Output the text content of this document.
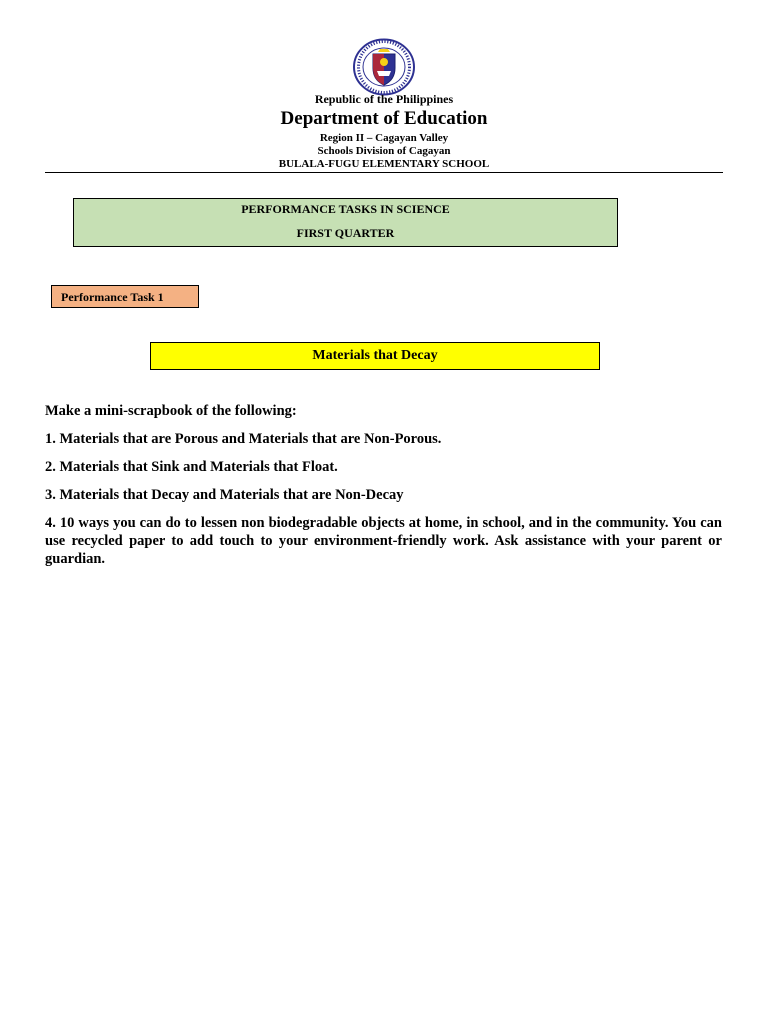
Republic of the Philippines
Department of Education
Region II – Cagayan Valley
Schools Division of Cagayan
BULALA-FUGU ELEMENTARY SCHOOL
PERFORMANCE TASKS IN SCIENCE
FIRST QUARTER
Performance Task 1
Materials that Decay
Make a mini-scrapbook of the following:
1. Materials that are Porous and Materials that are Non-Porous.
2. Materials that Sink and Materials that Float.
3. Materials that Decay and Materials that are Non-Decay
4. 10 ways you can do to lessen non biodegradable objects at home, in school, and in the community. You can use recycled paper to add touch to your environment-friendly work. Ask assistance with your parent or guardian.
